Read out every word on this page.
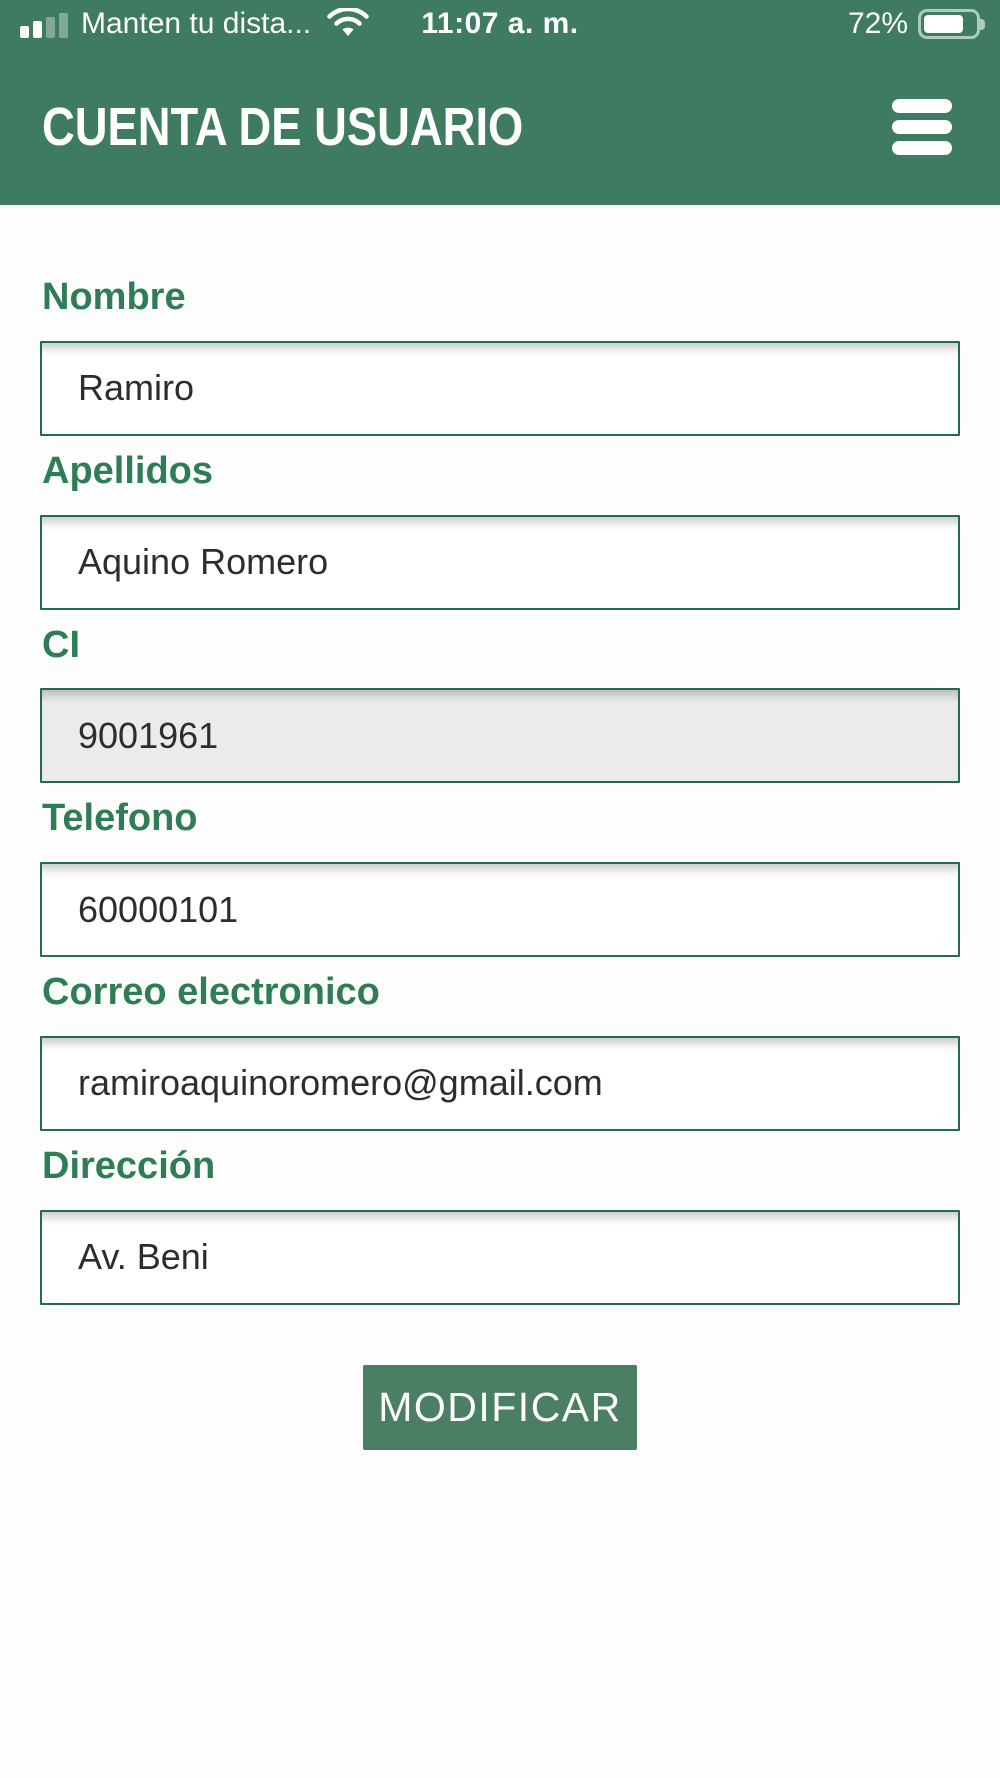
Manten tu dista...	11:07 a. m.	72%
CUENTA DE USUARIO
Nombre
Ramiro
Apellidos
Aquino Romero
CI
9001961
Telefono
60000101
Correo electronico
ramiroaquinoromero@gmail.com
Dirección
Av. Beni
MODIFICAR
